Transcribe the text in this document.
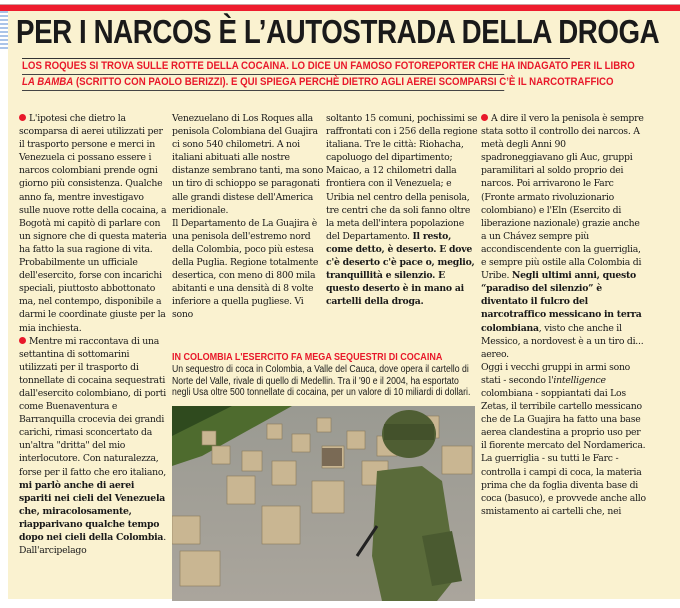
PER I NARCOS È L’AUTOSTRADA DELLA DROGA
LOS ROQUES SI TROVA SULLE ROTTE DELLA COCAINA. LO DICE UN FAMOSO FOTOREPORTER CHE HA INDAGATO PER IL LIBRO
LA BAMBA (SCRITTO CON PAOLO BERIZZI). E QUI SPIEGA PERCHÈ DIETRO AGLI AEREI SCOMPARSI C’È IL NARCOTRAFFICO

L'ipotesi che dietro la scomparsa di aerei utilizzati per il trasporto persone e merci in Venezuela ci possano essere i narcos colombiani prende ogni giorno più consistenza. Qualche anno fa, mentre investigavo sulle nuove rotte della cocaina, a Bogotà mi capitò di parlare con un signore che di questa materia ha fatto la sua ragione di vita. Probabilmente un ufficiale dell'esercito, forse con incarichi speciali, piuttosto abbottonato ma, nel contempo, disponibile a darmi le coordinate giuste per la mia inchiesta.

Mentre mi raccontava di una settantina di sottomarini utilizzati per il trasporto di tonnellate di cocaina sequestrati dall'esercito colombiano, di porti come Buenaventura e Barranquilla crocevia dei grandi carichi, rimasi sconcertato da un'altra "dritta" del mio interlocutore. Con naturalezza, forse per il fatto che ero italiano, mi parlò anche di aerei spariti nei cieli del Venezuela che, miracolosamente, riapparivano qualche tempo dopo nei cieli della Colombia. Dall'arcipelago

Venezuelano di Los Roques alla penisola Colombiana del Guajira ci sono 540 chilometri. A noi italiani abituati alle nostre distanze sembrano tanti, ma sono un tiro di schioppo se paragonati alle grandi distese dell'America meridionale.

Il Departamento de La Guajira è una penisola dell'estremo nord della Colombia, poco più estesa della Puglia. Regione totalmente desertica, con meno di 800 mila abitanti e una densità di 8 volte inferiore a quella pugliese. Vi sono

soltanto 15 comuni, pochissimi se raffrontati con i 256 della regione italiana. Tre le città: Riohacha, capoluogo del dipartimento; Maicao, a 12 chilometri dalla frontiera con il Venezuela; e Uribia nel centro della penisola, tre centri che da soli fanno oltre la meta dell'intera popolazione del Departamento. Il resto, come detto, è deserto. E dove c'è deserto c'è pace o, meglio, tranquillità e silenzio. E questo deserto è in mano ai cartelli della droga.

A dire il vero la penisola è sempre stata sotto il controllo dei narcos. A metà degli Anni 90 spadroneggiavano gli Auc, gruppi paramilitari al soldo proprio dei narcos. Poi arrivarono le Farc (Fronte armato rivoluzionario colombiano) e l'Eln (Esercito di liberazione nazionale) grazie anche a un Chávez sempre più accondiscendente con la guerriglia, e sempre più ostile alla Colombia di Uribe. Negli ultimi anni, questo “paradiso del silenzio” è diventato il fulcro del narcotraffico messicano in terra colombiana, visto che anche il Messico, a nordovest è a un tiro di... aereo.

Oggi i vecchi gruppi in armi sono stati - secondo l'intelligence colombiana - soppiantati dai Los Zetas, il terribile cartello messicano che de La Guajira ha fatto una base aerea clandestina a proprio uso per il fiorente mercato del Nordamerica. La guerriglia - su tutti le Farc - controlla i campi di coca, la materia prima che da foglia diventa base di coca (basuco), e provvede anche allo smistamento ai cartelli che, nei

IN COLOMBIA L'ESERCITO FA MEGA SEQUESTRI DI COCAINA
Un sequestro di coca in Colombia, a Valle del Cauca, dove opera il cartello di Norte del Valle, rivale di quello di Medellin. Tra il '90 e il 2004, ha esportato negli Usa oltre 500 tonnellate di cocaina, per un valore di 10 miliardi di dollari.
